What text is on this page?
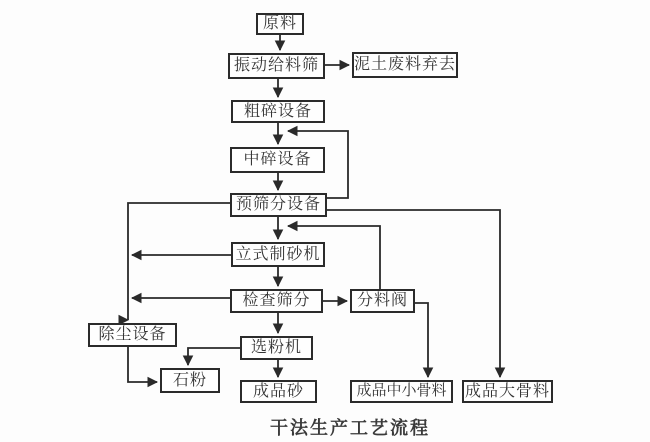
原料
振动给料筛	泥土废料弃去
粗碎设备
中碎设备
预筛分设备
立式制砂机
检查筛分	分料阀
除尘设备
选粉机
石粉
成品砂	成品中小骨料	成品大骨料
干法生产工艺流程
